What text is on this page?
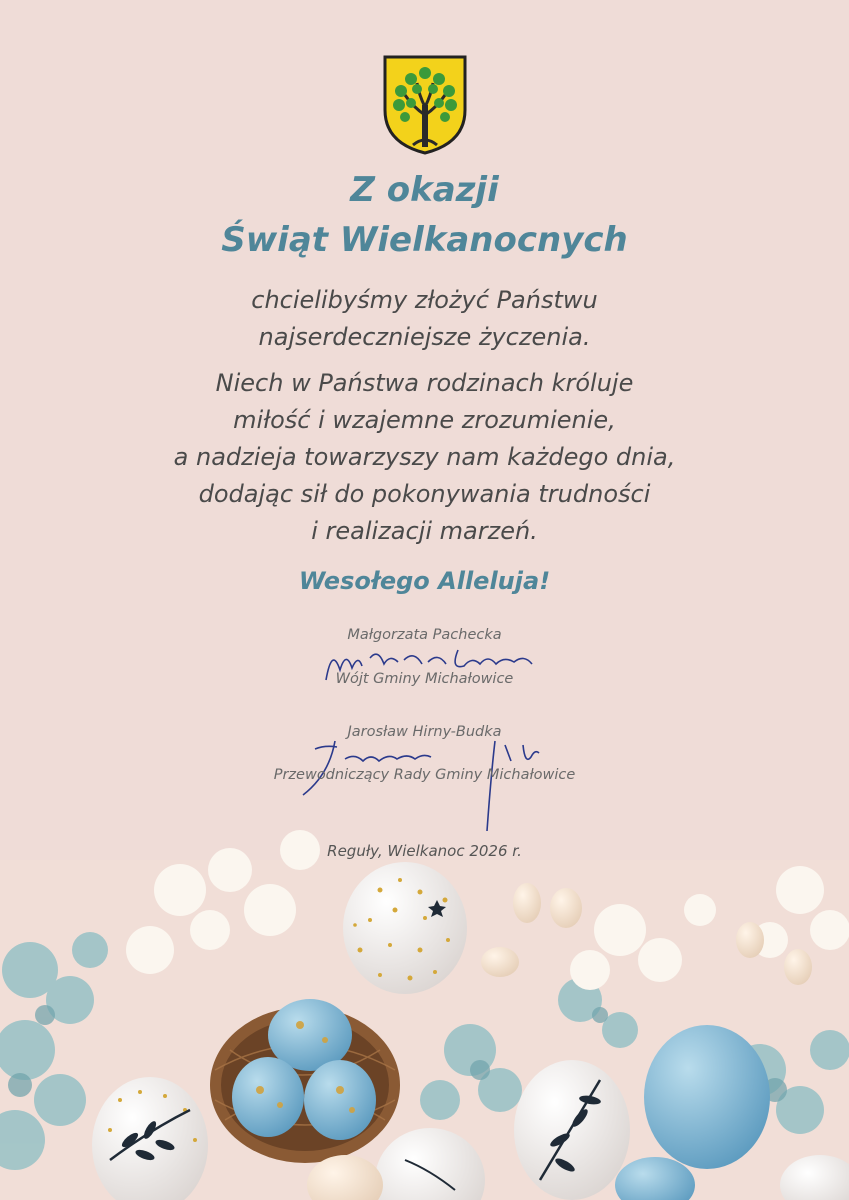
Z okazji
Świąt Wielkanocnych
chcielibyśmy złożyć Państwu
najserdeczniejsze życzenia.
Niech w Państwa rodzinach króluje
miłość i wzajemne zrozumienie,
a nadzieja towarzyszy nam każdego dnia,
dodając sił do pokonywania trudności
i realizacji marzeń.
Wesołego Alleluja!
Małgorzata Pachecka
Wójt Gminy Michałowice
Jarosław Hirny-Budka
Przewodniczący Rady Gminy Michałowice
Reguły, Wielkanoc 2026 r.
